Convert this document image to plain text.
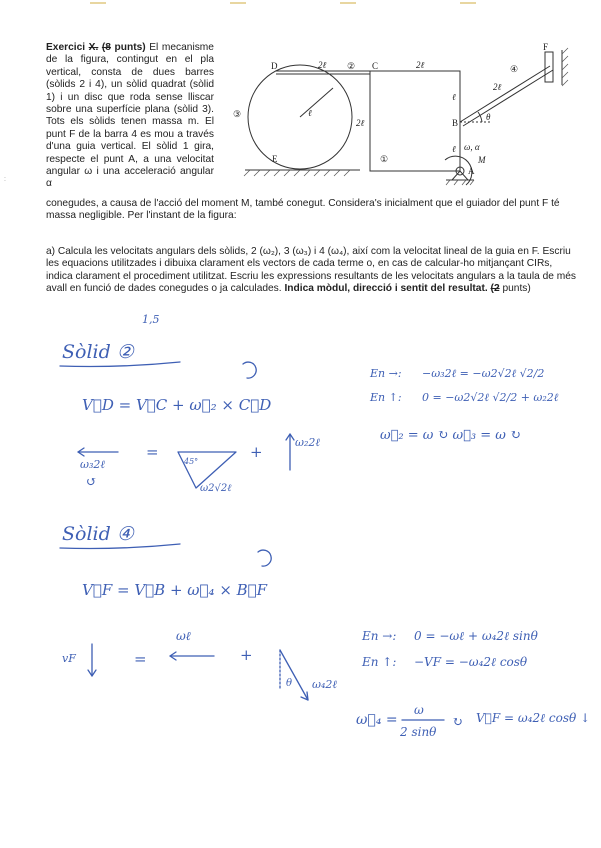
:
Exercici X. (8 punts) El mecanisme de la figura, contingut en el pla vertical, consta de dues barres (sòlids 2 i 4), un sòlid quadrat (sòlid 1) i un disc que roda sense lliscar sobre una superfície plana (sòlid 3). Tots els sòlids tenen massa m. El punt F de la barra 4 es mou a través d'una guia vertical. El sòlid 1 gira, respecte el punt A, a una velocitat angular ω i una acceleració angular α
conegudes, a causa de l'acció del moment M, també conegut. Considera's inicialment que el guiador del punt F té massa negligible. Per l'instant de la figura:
D	C
B
A
E
F
2ℓ	2ℓ
2ℓ
2ℓ
ℓ
ℓ
ℓ
①
②
③
④
ω, α
M
θ
a) Calcula les velocitats angulars dels sòlids, 2 (ω₂), 3 (ω₃) i 4 (ω₄), així com la velocitat lineal de la guia en F. Escriu les equacions utilitzades i dibuixa clarament els vectors de cada terme o, en cas de calcular-ho mitjançant CIRs, indica clarament el procediment utilitzat. Escriu les expressions resultants de les velocitats angulars a la taula de més avall en funció de dades conegudes o ja calculades. Indica mòdul, direcció i sentit del resultat. (2 punts)
1,5
Sòlid ②
V⃗D = V⃗C + ω⃗₂ × C⃗D
ω₃2ℓ
↺
=
45°
ω2√2ℓ
+
ω₂2ℓ
En →: −ω₃2ℓ = −ω2√2ℓ √2/2
En ↑: 0 = −ω2√2ℓ √2/2 + ω₂2ℓ
ω⃗₂ = ω ↻ ω⃗₃ = ω ↻
Sòlid ④
V⃗F = V⃗B + ω⃗₄ × B⃗F
vF	=
ωℓ
+
θ ω₄2ℓ
En →: 0 = −ωℓ + ω₄2ℓ sinθ
En ↑: −VF = −ω₄2ℓ cosθ
ω⃗₄ =
ω
2 sinθ
↻ V⃗F = ω₄2ℓ cosθ ↓
